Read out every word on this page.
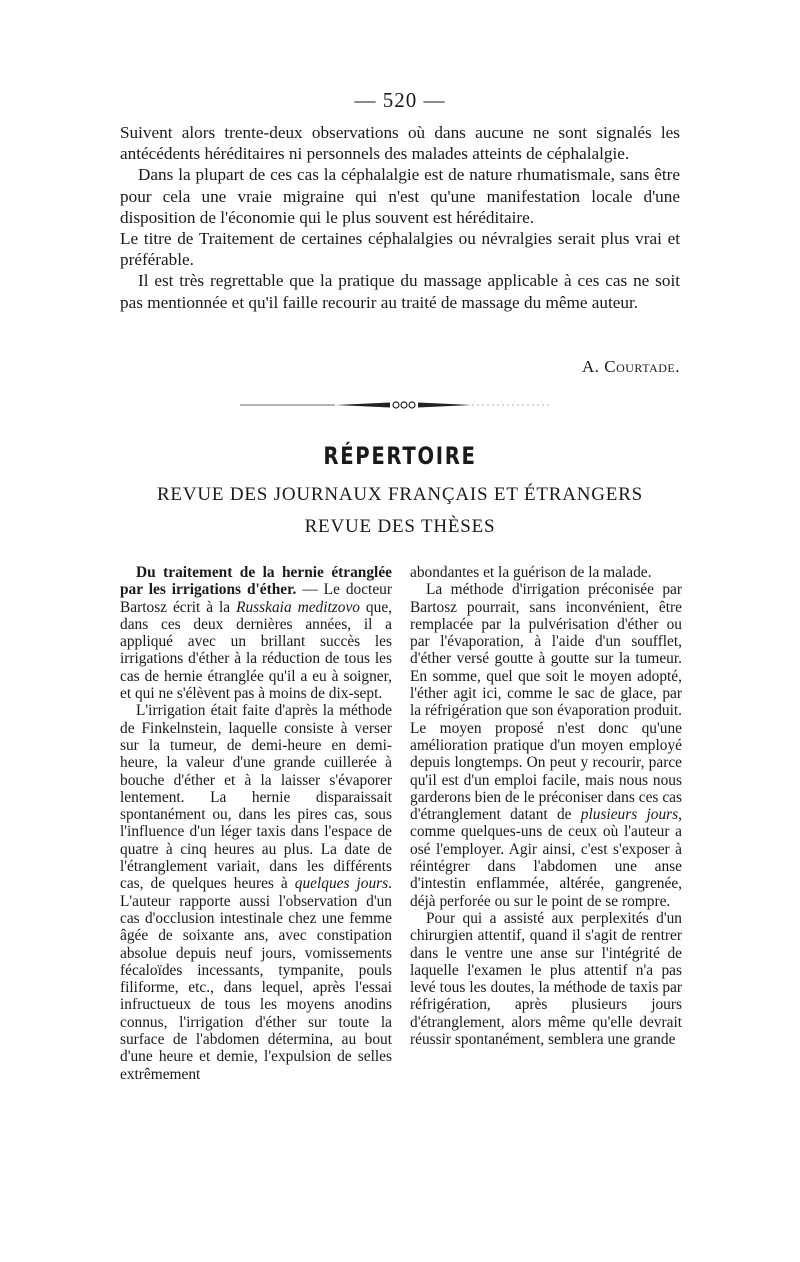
— 520 —

Suivent alors trente-deux observations où dans aucune ne sont signalés les antécédents héréditaires ni personnels des malades atteints de céphalalgie.

Dans la plupart de ces cas la céphalalgie est de nature rhumatismale, sans être pour cela une vraie migraine qui n'est qu'une manifestation locale d'une disposition de l'économie qui le plus souvent est héréditaire.

Le titre de Traitement de certaines céphalalgies ou névralgies serait plus vrai et préférable.

Il est très regrettable que la pratique du massage applicable à ces cas ne soit pas mentionnée et qu'il faille recourir au traité de massage du même auteur.

A. Courtade.
RÉPERTOIRE
REVUE DES JOURNAUX FRANÇAIS ET ÉTRANGERS
REVUE DES THÈSES

Du traitement de la hernie étranglée par les irrigations d'éther. — Le docteur Bartosz écrit à la Russkaia meditzovo que, dans ces deux dernières années, il a appliqué avec un brillant succès les irrigations d'éther à la réduction de tous les cas de hernie étranglée qu'il a eu à soigner, et qui ne s'élèvent pas à moins de dix-sept.

L'irrigation était faite d'après la méthode de Finkelnstein, laquelle consiste à verser sur la tumeur, de demi-heure en demi-heure, la valeur d'une grande cuillerée à bouche d'éther et à la laisser s'évaporer lentement. La hernie disparaissait spontanément ou, dans les pires cas, sous l'influence d'un léger taxis dans l'espace de quatre à cinq heures au plus. La date de l'étranglement variait, dans les différents cas, de quelques heures à quelques jours. L'auteur rapporte aussi l'observation d'un cas d'occlusion intestinale chez une femme âgée de soixante ans, avec constipation absolue depuis neuf jours, vomissements fécaloïdes incessants, tympanite, pouls filiforme, etc., dans lequel, après l'essai infructueux de tous les moyens anodins connus, l'irrigation d'éther sur toute la surface de l'abdomen détermina, au bout d'une heure et demie, l'expulsion de selles extrêmement

abondantes et la guérison de la malade.

La méthode d'irrigation préconisée par Bartosz pourrait, sans inconvénient, être remplacée par la pulvérisation d'éther ou par l'évaporation, à l'aide d'un soufflet, d'éther versé goutte à goutte sur la tumeur. En somme, quel que soit le moyen adopté, l'éther agit ici, comme le sac de glace, par la réfrigération que son évaporation produit. Le moyen proposé n'est donc qu'une amélioration pratique d'un moyen employé depuis longtemps. On peut y recourir, parce qu'il est d'un emploi facile, mais nous nous garderons bien de le préconiser dans ces cas d'étranglement datant de plusieurs jours, comme quelques-uns de ceux où l'auteur a osé l'employer. Agir ainsi, c'est s'exposer à réintégrer dans l'abdomen une anse d'intestin enflammée, altérée, gangrenée, déjà perforée ou sur le point de se rompre.

Pour qui a assisté aux perplexités d'un chirurgien attentif, quand il s'agit de rentrer dans le ventre une anse sur l'intégrité de laquelle l'examen le plus attentif n'a pas levé tous les doutes, la méthode de taxis par réfrigération, après plusieurs jours d'étranglement, alors même qu'elle devrait réussir spontanément, semblera une grande
